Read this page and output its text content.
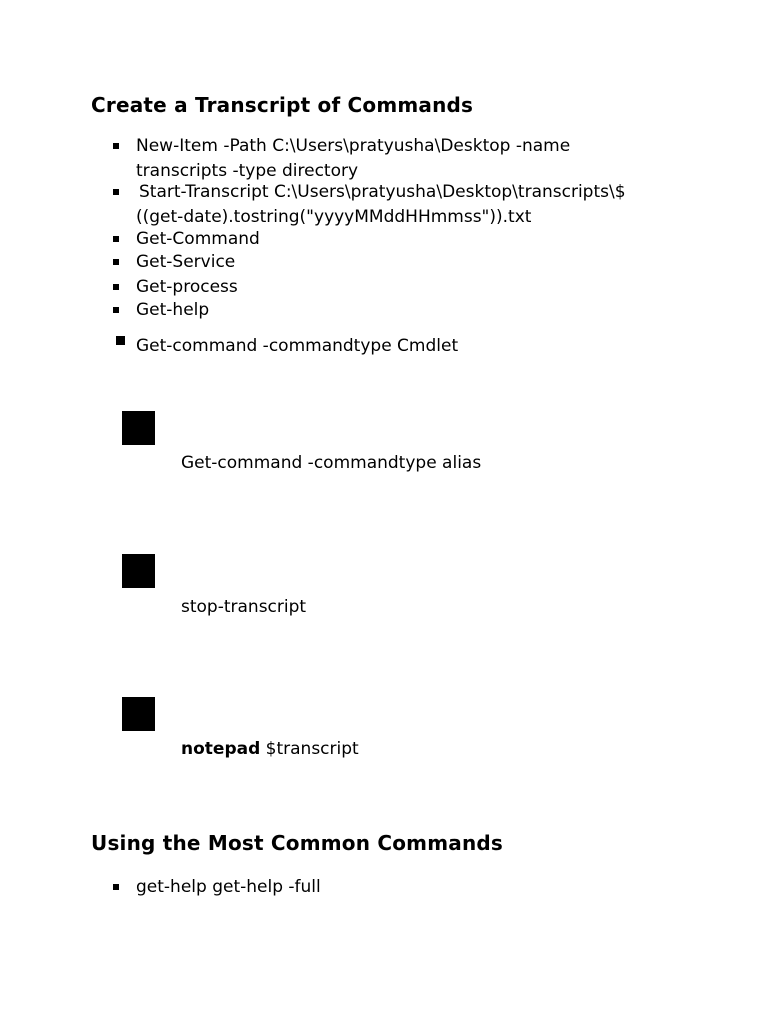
Create a Transcript of Commands
New-Item -Path C:\Users\pratyusha\Desktop -name
transcripts -type directory
Start-Transcript C:\Users\pratyusha\Desktop\transcripts\$
((get-date).tostring("yyyyMMddHHmmss")).txt
Get-Command
Get-Service
Get-process
Get-help
Get-command -commandtype Cmdlet
Get-command -commandtype alias
stop-transcript
notepad $transcript
Using the Most Common Commands
get-help get-help -full
